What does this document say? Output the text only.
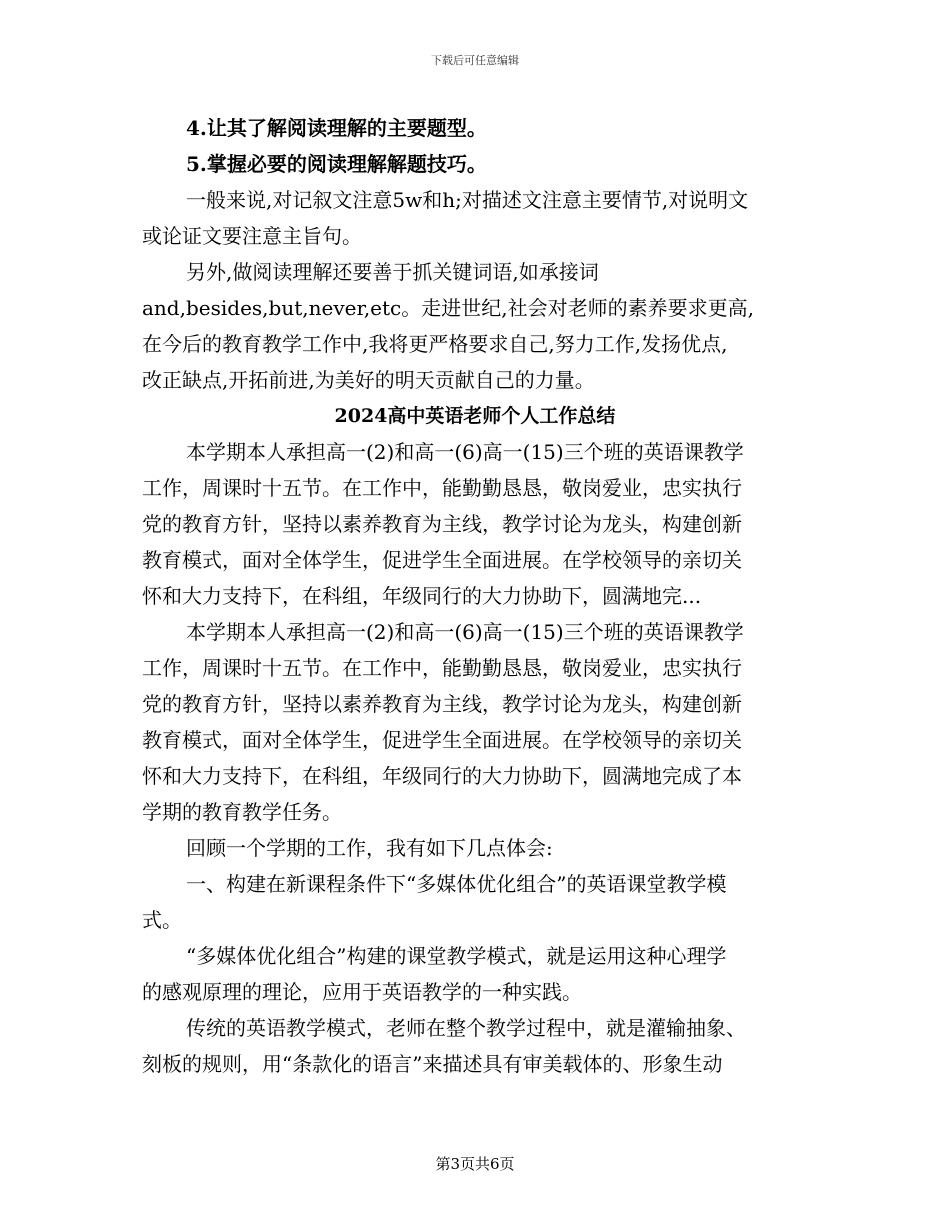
下载后可任意编辑
4.让其了解阅读理解的主要题型。
5.掌握必要的阅读理解解题技巧。
一般来说,对记叙文注意5w和h;对描述文注意主要情节,对说明文
或论证文要注意主旨句。
另外,做阅读理解还要善于抓关键词语,如承接词
and,besides,but,never,etc。走进世纪,社会对老师的素养要求更高,
在今后的教育教学工作中,我将更严格要求自己,努力工作,发扬优点,
改正缺点,开拓前进,为美好的明天贡献自己的力量。
2024高中英语老师个人工作总结
本学期本人承担高一(2)和高一(6)高一(15)三个班的英语课教学
工作，周课时十五节。在工作中，能勤勤恳恳，敬岗爱业，忠实执行
党的教育方针，坚持以素养教育为主线，教学讨论为龙头，构建创新
教育模式，面对全体学生，促进学生全面进展。在学校领导的亲切关
怀和大力支持下，在科组，年级同行的大力协助下，圆满地完...
本学期本人承担高一(2)和高一(6)高一(15)三个班的英语课教学
工作，周课时十五节。在工作中，能勤勤恳恳，敬岗爱业，忠实执行
党的教育方针，坚持以素养教育为主线，教学讨论为龙头，构建创新
教育模式，面对全体学生，促进学生全面进展。在学校领导的亲切关
怀和大力支持下，在科组，年级同行的大力协助下，圆满地完成了本
学期的教育教学任务。
回顾一个学期的工作，我有如下几点体会:
一、构建在新课程条件下“多媒体优化组合”的英语课堂教学模
式。
“多媒体优化组合”构建的课堂教学模式，就是运用这种心理学
的感观原理的理论，应用于英语教学的一种实践。
传统的英语教学模式，老师在整个教学过程中，就是灌输抽象、
刻板的规则，用“条款化的语言”来描述具有审美载体的、形象生动
第3页共6页
